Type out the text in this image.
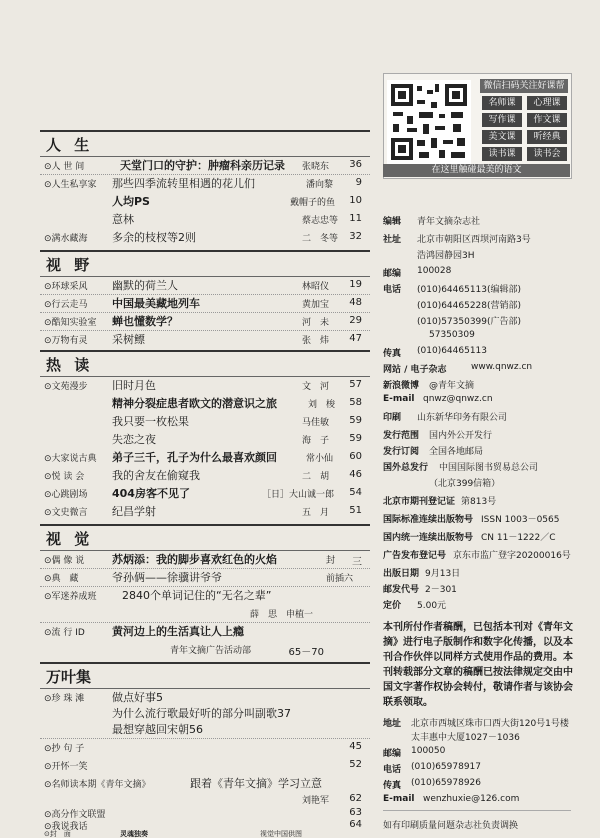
人 生
⊙人 世 间	天堂门口的守护：肿瘤科亲历记录 张晓东 36
⊙人生私享家 那些四季流转里相遇的花儿们	潘向黎 9
人均PS	戴帽子的鱼 10
意林	蔡志忠等 11
⊙满水藏海 多余的枝杈等2则	二　冬等 32
视 野
⊙环球采风 幽默的荷兰人	林昭仪 19
⊙行云走马 中国最美藏地列车	黄加宝 48
⊙酷知实验室 蝉也懂数学？	河　未 29
⊙万物有灵 采树鳔	张　炜 47
热 读
⊙文苑漫步 旧时月色	文　河 57
精神分裂症患者欧文的潜意识之旅	刘　梭 58
我只要一枚松果	马佳敏 59
失恋之夜	海　子 59
⊙大家说古典 弟子三千，孔子为什么最喜欢颜回	常小仙 60
⊙悦 读 会	我的舍友在偷窥我	二　胡 46
⊙心跳剧场 404房客不见了	［日］大山诚一郎 54
⊙文史微言 纪昌学射	五　月 51
视 觉
⊙偶 像 说	苏炳添：我的脚步喜欢红色的火焰	封 三
⊙典　藏	爷孙俩——徐骥讲爷爷	前插六
⊙军迷养成班 2840个单词记住的“无名之辈”
薛　思　申植一
⊙流 行 ID 黄河边上的生活真让人上瘾
青年文摘广告活动部	65－70
万叶集
⊙珍 珠 滩	做点好事5
为什么流行歌最好听的部分叫副歌37
最想穿越回宋朝56
⊙抄 句 子	45
⊙开怀一笑	52
⊙名师读本期《青年文摘》	跟着《青年文摘》学习立意
刘艳军 62
⊙高分作文联盟	63
⊙我说我话	64
⊙封　面	灵魂独奏	视觉中国供图
微信扫码关注好课帮
名师课	心理课
写作课	作文课
美文课	听经典
读书课	读书会
在这里触碰最美的语文
编辑 青年文摘杂志社
社址 北京市朝阳区西坝河南路3号
浩鸿园静园3H
邮编 100028
电话 (010)64465113(编辑部)
(010)64465228(营销部)
(010)57350399(广告部)
57350309
传真 (010)64465113
网站 / 电子杂志	www.qnwz.cn
新浪微博 @青年文摘
E-mail qnwz@qnwz.cn
印刷 山东新华印务有限公司
发行范围 国内外公开发行
发行订阅 全国各地邮局
国外总发行 中国国际图书贸易总公司
（北京399信箱）
北京市期刊登记证 第813号
国际标准连续出版物号 ISSN 1003－0565
国内统一连续出版物号 CN 11－1222／C
广告发布登记号 京东市监广登字20200016号
出版日期 9月13日
邮发代号 2－301
定价 5.00元
本刊所付作者稿酬，已包括本刊对《青年文摘》进行电子版制作和数字化传播，以及本刊合作伙伴以同样方式使用作品的费用。本刊转载部分文章的稿酬已按法律规定交由中国文字著作权协会转付，敬请作者与该协会联系领取。
地址 北京市西城区珠市口西大街120号1号楼
太丰惠中大厦1027－1036
邮编 100050
电话 (010)65978917
传真 (010)65978926
E-mail wenzhuxie@126.com
如有印刷质量问题杂志社负责调换
